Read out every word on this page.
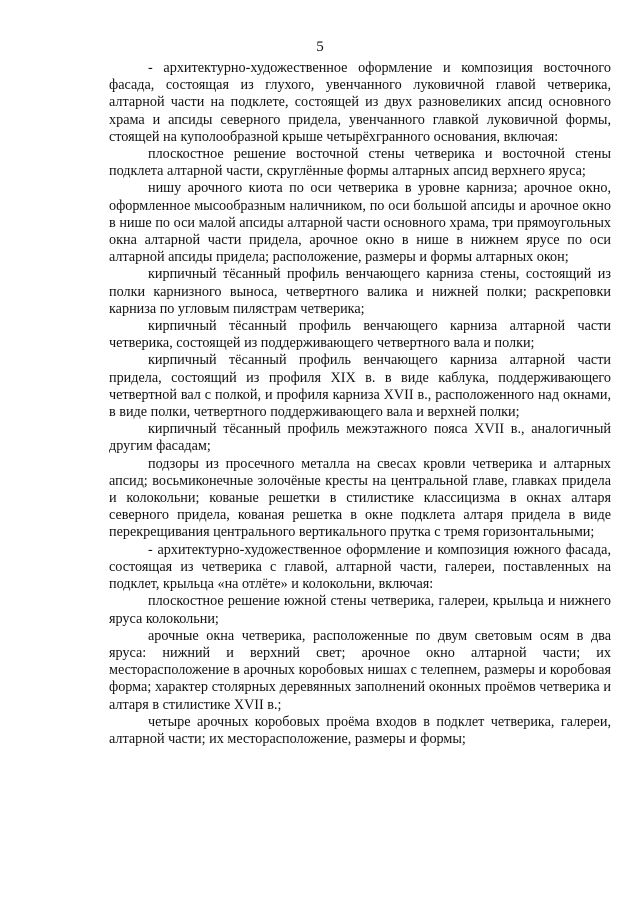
5

- архитектурно-художественное оформление и композиция восточного фасада, состоящая из глухого, увенчанного луковичной главой четверика, алтарной части на подклете, состоящей из двух разновеликих апсид основного храма и апсиды северного придела, увенчанного главкой луковичной формы, стоящей на куполообразной крыше четырёхгранного основания, включая:

плоскостное решение восточной стены четверика и восточной стены подклета алтарной части, скруглённые формы алтарных апсид верхнего яруса;

нишу арочного киота по оси четверика в уровне карниза; арочное окно, оформленное мысообразным наличником, по оси большой апсиды и арочное окно в нише по оси малой апсиды алтарной части основного храма, три прямоугольных окна алтарной части придела, арочное окно в нише в нижнем ярусе по оси алтарной апсиды придела; расположение, размеры и формы алтарных окон;

кирпичный тёсанный профиль венчающего карниза стены, состоящий из полки карнизного выноса, четвертного валика и нижней полки; раскреповки карниза по угловым пилястрам четверика;

кирпичный тёсанный профиль венчающего карниза алтарной части четверика, состоящей из поддерживающего четвертного вала и полки;

кирпичный тёсанный профиль венчающего карниза алтарной части придела, состоящий из профиля XIX в. в виде каблука, поддерживающего четвертной вал с полкой, и профиля карниза XVII в., расположенного над окнами, в виде полки, четвертного поддерживающего вала и верхней полки;

кирпичный тёсанный профиль межэтажного пояса XVII в., аналогичный другим фасадам;

подзоры из просечного металла на свесах кровли четверика и алтарных апсид; восьмиконечные золочёные кресты на центральной главе, главках придела и колокольни; кованые решетки в стилистике классицизма в окнах алтаря северного придела, кованая решетка в окне подклета алтаря придела в виде перекрещивания центрального вертикального прутка с тремя горизонтальными;

- архитектурно-художественное оформление и композиция южного фасада, состоящая из четверика с главой, алтарной части, галереи, поставленных на подклет, крыльца «на отлёте» и колокольни, включая:

плоскостное решение южной стены четверика, галереи, крыльца и нижнего яруса колокольни;

арочные окна четверика, расположенные по двум световым осям в два яруса: нижний и верхний свет; арочное окно алтарной части; их месторасположение в арочных коробовых нишах с телепнем, размеры и коробовая форма; характер столярных деревянных заполнений оконных проёмов четверика и алтаря в стилистике XVII в.;

четыре арочных коробовых проёма входов в подклет четверика, галереи, алтарной части; их месторасположение, размеры и формы;
